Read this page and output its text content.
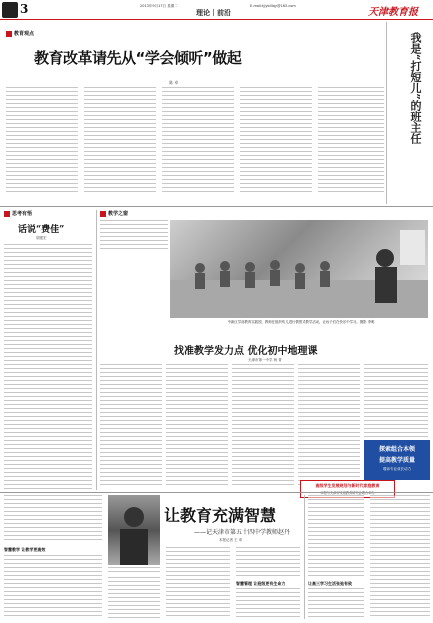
3	2013年9月17日 星期二
理论｜前沿
E-mail:tjjyblllqy@163.com
天津教育报
教育观点
教育改革请先从“学会倾听”做起
陈 卓	我是“打短儿”的班主任
思考有悟
话说“费佳”
胡建宏
教学之窗
中新区学前教育实践园，教师在组织幼儿进行情景式教学活动，让孩子们在快乐中学习。摄影 李明
找准教学发力点 优化初中地理课
天津市第一中学 杨 青
探索组合本领
提高教学质量
增添专业成长动力
高级学生发展规划与新时代家庭教育
本报与天津市家庭教育研究会联合举办
让教育充满智慧
——记天津市第五十四中学教师赵丹
本报记者 王 申
智慧教学 让教学更高效
智慧管理 让班级更有生命力	让高三学习生活张弛有致
